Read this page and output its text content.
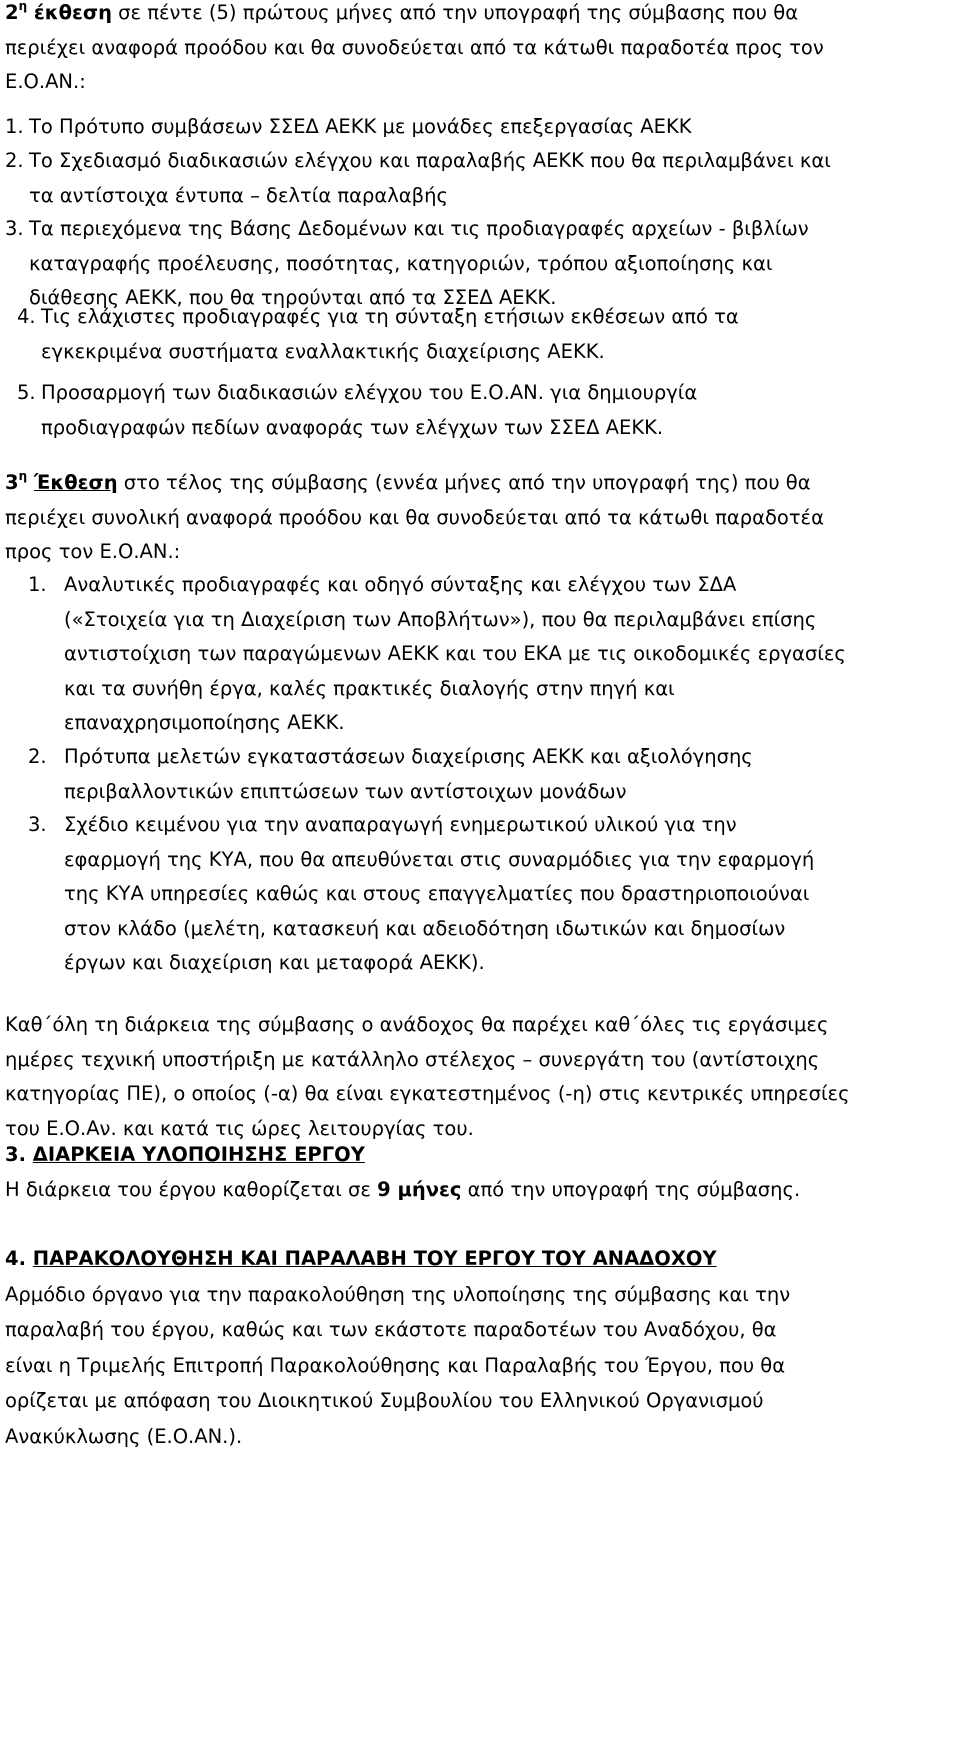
$2^\eta$ έκθεση σε πέντε (5) πρώτους μήνες από την υπογραφή της σύμβασης που θα
περιέχει αναφορά προόδου και θα συνοδεύεται από τα κάτωθι παραδοτέα προς τον
Ε.Ο.ΑΝ.:
1. Το Πρότυπο συμβάσεων ΣΣΕΔ ΑΕΚΚ με μονάδες επεξεργασίας ΑΕΚΚ
2. Το Σχεδιασμό διαδικασιών ελέγχου και παραλαβής ΑΕΚΚ που θα περιλαμβάνει και
τα αντίστοιχα έντυπα – δελτία παραλαβής
3. Τα περιεχόμενα της Βάσης Δεδομένων και τις προδιαγραφές αρχείων - βιβλίων
καταγραφής προέλευσης, ποσότητας, κατηγοριών, τρόπου αξιοποίησης και
διάθεσης ΑΕΚΚ, που θα τηρούνται από τα ΣΣΕΔ ΑΕΚΚ.
4. Τις ελάχιστες προδιαγραφές για τη σύνταξη ετήσιων εκθέσεων από τα
εγκεκριμένα συστήματα εναλλακτικής διαχείρισης ΑΕΚΚ.
5. Προσαρμογή των διαδικασιών ελέγχου του Ε.Ο.ΑΝ. για δημιουργία
προδιαγραφών πεδίων αναφοράς των ελέγχων των ΣΣΕΔ ΑΕΚΚ.
$3^\eta$ Έκθεση στο τέλος της σύμβασης (εννέα μήνες από την υπογραφή της) που θα
περιέχει συνολική αναφορά προόδου και θα συνοδεύεται από τα κάτωθι παραδοτέα
προς τον Ε.Ο.ΑΝ.:
1. Αναλυτικές προδιαγραφές και οδηγό σύνταξης και ελέγχου των ΣΔΑ
(«Στοιχεία για τη Διαχείριση των Αποβλήτων»), που θα περιλαμβάνει επίσης
αντιστοίχιση των παραγώμενων ΑΕΚΚ και του ΕΚΑ με τις οικοδομικές εργασίες
και τα συνήθη έργα, καλές πρακτικές διαλογής στην πηγή και
επαναχρησιμοποίησης ΑΕΚΚ.
2. Πρότυπα μελετών εγκαταστάσεων διαχείρισης ΑΕΚΚ και αξιολόγησης
περιβαλλοντικών επιπτώσεων των αντίστοιχων μονάδων
3. Σχέδιο κειμένου για την αναπαραγωγή ενημερωτικού υλικού για την
εφαρμογή της ΚΥΑ, που θα απευθύνεται στις συναρμόδιες για την εφαρμογή
της ΚΥΑ υπηρεσίες καθώς και στους επαγγελματίες που δραστηριοποιούναι
στον κλάδο (μελέτη, κατασκευή και αδειοδότηση ιδωτικών και δημοσίων
έργων και διαχείριση και μεταφορά ΑΕΚΚ).
Καθ΄όλη τη διάρκεια της σύμβασης ο ανάδοχος θα παρέχει καθ΄όλες τις εργάσιμες
ημέρες τεχνική υποστήριξη με κατάλληλο στέλεχος – συνεργάτη του (αντίστοιχης
κατηγορίας ΠΕ), ο οποίος (-α) θα είναι εγκατεστημένος (-η) στις κεντρικές υπηρεσίες
του Ε.Ο.Αν. και κατά τις ώρες λειτουργίας του.
3. ΔΙΑΡΚΕΙΑ ΥΛΟΠΟΙΗΣΗΣ ΕΡΓΟΥ
Η διάρκεια του έργου καθορίζεται σε 9 μήνες από την υπογραφή της σύμβασης.
4. ΠΑΡΑΚΟΛΟΥΘΗΣΗ ΚΑΙ ΠΑΡΑΛΑΒΗ ΤΟΥ ΕΡΓΟΥ ΤΟΥ ΑΝΑΔΟΧΟΥ
Αρμόδιο όργανο για την παρακολούθηση της υλοποίησης της σύμβασης και την
παραλαβή του έργου, καθώς και των εκάστοτε παραδοτέων του Αναδόχου, θα
είναι η Τριμελής Επιτροπή Παρακολούθησης και Παραλαβής του Έργου, που θα
ορίζεται με απόφαση του Διοικητικού Συμβουλίου του Ελληνικού Οργανισμού
Ανακύκλωσης (Ε.Ο.ΑΝ.).
